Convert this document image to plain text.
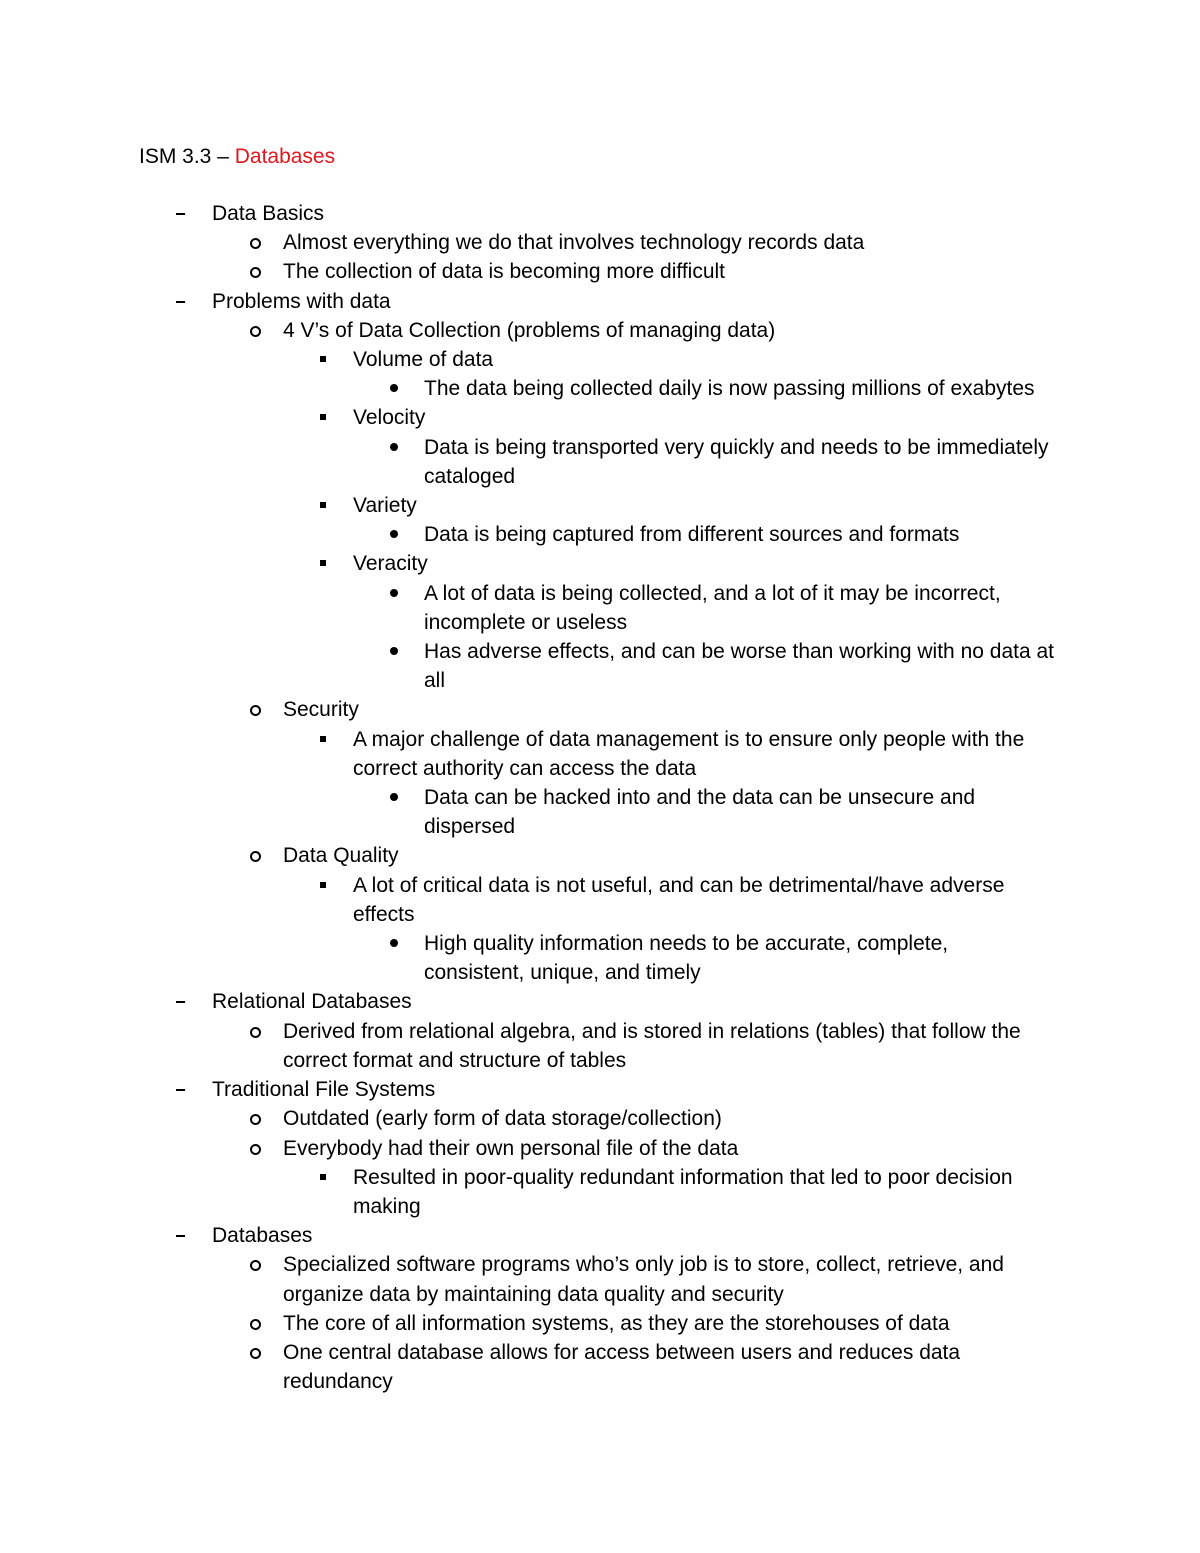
ISM 3.3 – Databases
Data Basics
Almost everything we do that involves technology records data
The collection of data is becoming more difficult
Problems with data
4 V’s of Data Collection (problems of managing data)
Volume of data
The data being collected daily is now passing millions of exabytes
Velocity
Data is being transported very quickly and needs to be immediately cataloged
Variety
Data is being captured from different sources and formats
Veracity
A lot of data is being collected, and a lot of it may be incorrect, incomplete or useless
Has adverse effects, and can be worse than working with no data at all
Security
A major challenge of data management is to ensure only people with the correct authority can access the data
Data can be hacked into and the data can be unsecure and dispersed
Data Quality
A lot of critical data is not useful, and can be detrimental/have adverse effects
High quality information needs to be accurate, complete, consistent, unique, and timely
Relational Databases
Derived from relational algebra, and is stored in relations (tables) that follow the correct format and structure of tables
Traditional File Systems
Outdated (early form of data storage/collection)
Everybody had their own personal file of the data
Resulted in poor-quality redundant information that led to poor decision making
Databases
Specialized software programs who’s only job is to store, collect, retrieve, and organize data by maintaining data quality and security
The core of all information systems, as they are the storehouses of data
One central database allows for access between users and reduces data redundancy
